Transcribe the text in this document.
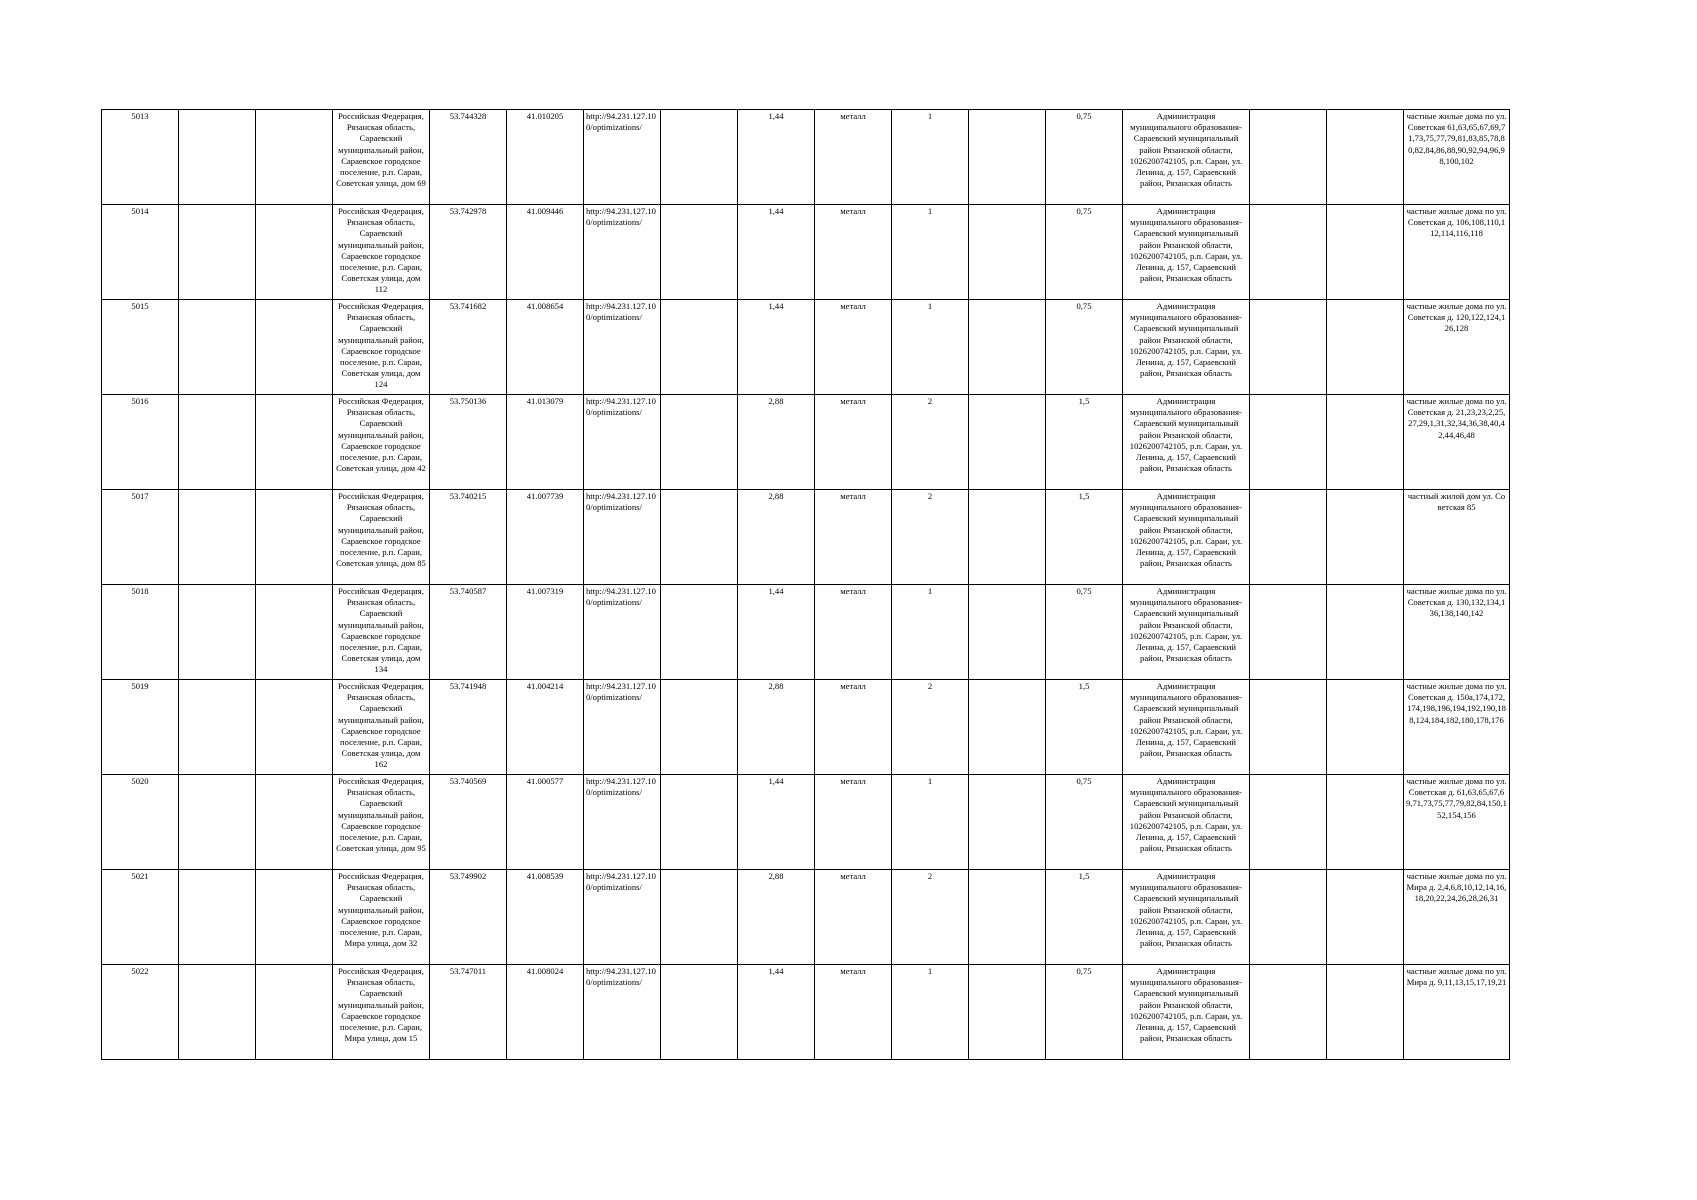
5013			Российская Федерация, Рязанская область, Сараевский муниципальный район, Сараевское городское поселение, р.п. Сараи, Советская улица, дом 69	53.744328	41.010205	http://94.231.127.100/optimizations/		1,44	металл	1		0,75	Администрация муниципального образования-Сараевский муниципальный район Рязанской области, 1026200742105, р.п. Сараи, ул. Ленина, д. 157, Сараевский район, Рязанская область			частные жилые дома по ул. Советская 61,63,65,67,69,71,73,75,77,79,81,83,85,78,80,82,84,86,88,90,92,94,96,98,100,102
5014			Российская Федерация, Рязанская область, Сараевский муниципальный район, Сараевское городское поселение, р.п. Сараи, Советская улица, дом 112	53.742978	41.009446	http://94.231.127.100/optimizations/		1,44	металл	1		0,75	Администрация муниципального образования-Сараевский муниципальный район Рязанской области, 1026200742105, р.п. Сараи, ул. Ленина, д. 157, Сараевский район, Рязанская область			частные жилые дома по ул. Советская д. 106,108,110,112,114,116,118
5015			Российская Федерация, Рязанская область, Сараевский муниципальный район, Сараевское городское поселение, р.п. Сараи, Советская улица, дом 124	53.741682	41.008654	http://94.231.127.100/optimizations/		1,44	металл	1		0,75	Администрация муниципального образования-Сараевский муниципальный район Рязанской области, 1026200742105, р.п. Сараи, ул. Ленина, д. 157, Сараевский район, Рязанская область			частные жилые дома по ул. Советская д. 120,122,124,126,128
5016			Российская Федерация, Рязанская область, Сараевский муниципальный район, Сараевское городское поселение, р.п. Сараи, Советская улица, дом 42	53.750136	41.013079	http://94.231.127.100/optimizations/		2,88	металл	2		1,5	Администрация муниципального образования-Сараевский муниципальный район Рязанской области, 1026200742105, р.п. Сараи, ул. Ленина, д. 157, Сараевский район, Рязанская область			частные жилые дома по ул. Советская д. 21,23,23,2,25,27,29,1,31,32,34,36,38,40,42,44,46,48
5017			Российская Федерация, Рязанская область, Сараевский муниципальный район, Сараевское городское поселение, р.п. Сараи, Советская улица, дом 85	53.740215	41.007739	http://94.231.127.100/optimizations/		2,88	металл	2		1,5	Администрация муниципального образования-Сараевский муниципальный район Рязанской области, 1026200742105, р.п. Сараи, ул. Ленина, д. 157, Сараевский район, Рязанская область			частный жилой дом ул. Советская 85
5018			Российская Федерация, Рязанская область, Сараевский муниципальный район, Сараевское городское поселение, р.п. Сараи, Советская улица, дом 134	53.740587	41.007319	http://94.231.127.100/optimizations/		1,44	металл	1		0,75	Администрация муниципального образования-Сараевский муниципальный район Рязанской области, 1026200742105, р.п. Сараи, ул. Ленина, д. 157, Сараевский район, Рязанская область			частные жилые дома по ул. Советская д. 130,132,134,136,138,140,142
5019			Российская Федерация, Рязанская область, Сараевский муниципальный район, Сараевское городское поселение, р.п. Сараи, Советская улица, дом 162	53.741948	41.004214	http://94.231.127.100/optimizations/		2,88	металл	2		1,5	Администрация муниципального образования-Сараевский муниципальный район Рязанской области, 1026200742105, р.п. Сараи, ул. Ленина, д. 157, Сараевский район, Рязанская область			частные жилые дома по ул. Советская д. 150а,174,172,174,198,196,194,192,190,188,124,184,182,180,178,176
5020			Российская Федерация, Рязанская область, Сараевский муниципальный район, Сараевское городское поселение, р.п. Сараи, Советская улица, дом 95	53.740569	41.000577	http://94.231.127.100/optimizations/		1,44	металл	1		0,75	Администрация муниципального образования-Сараевский муниципальный район Рязанской области, 1026200742105, р.п. Сараи, ул. Ленина, д. 157, Сараевский район, Рязанская область			частные жилые дома по ул. Советская д. 61,63,65,67,69,71,73,75,77,79,82,84,150,152,154,156
5021			Российская Федерация, Рязанская область, Сараевский муниципальный район, Сараевское городское поселение, р.п. Сараи, Мира улица, дом 32	53.749902	41.008539	http://94.231.127.100/optimizations/		2,88	металл	2		1,5	Администрация муниципального образования-Сараевский муниципальный район Рязанской области, 1026200742105, р.п. Сараи, ул. Ленина, д. 157, Сараевский район, Рязанская область			частные жилые дома по ул. Мира д. 2,4,6,8,10,12,14,16,18,20,22,24,26,28,26,31
5022			Российская Федерация, Рязанская область, Сараевский муниципальный район, Сараевское городское поселение, р.п. Сараи, Мира улица, дом 15	53.747011	41.008024	http://94.231.127.100/optimizations/		1,44	металл	1		0,75	Администрация муниципального образования-Сараевский муниципальный район Рязанской области, 1026200742105, р.п. Сараи, ул. Ленина, д. 157, Сараевский район, Рязанская область			частные жилые дома по ул. Мира д. 9,11,13,15,17,19,21
